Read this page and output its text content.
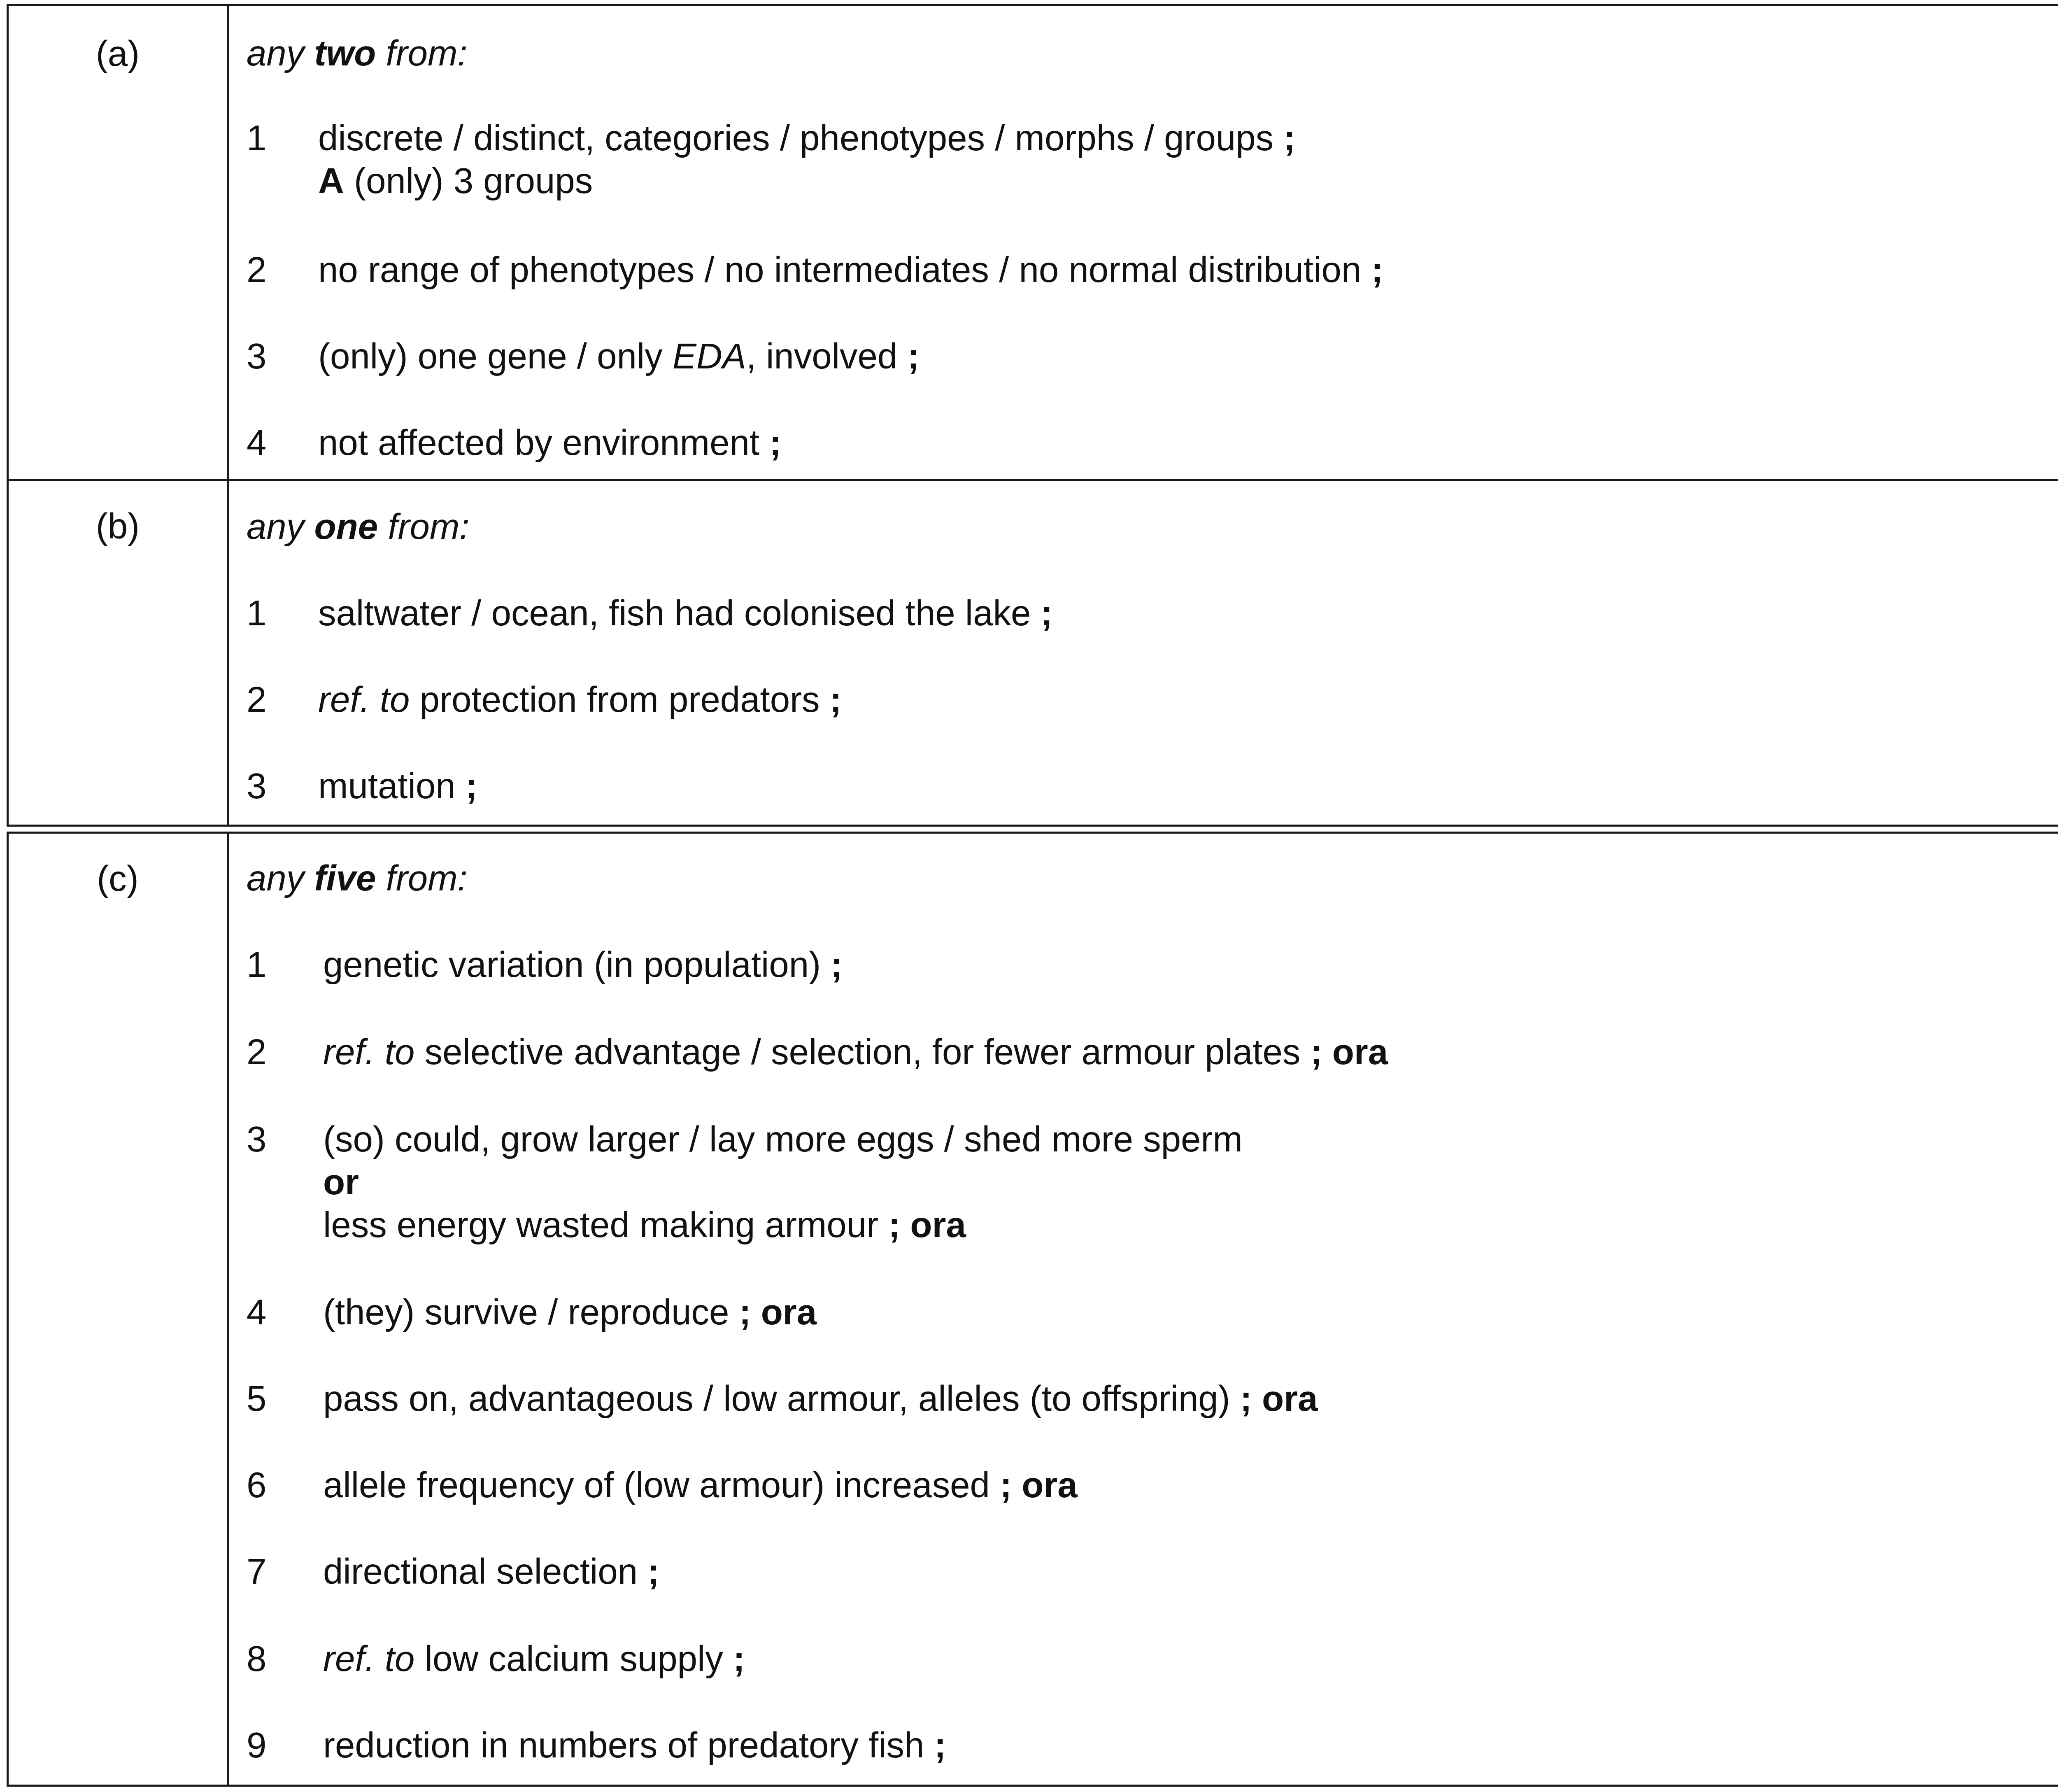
(a)	any two from:
1 discrete / distinct, categories / phenotypes / morphs / groups ;
A (only) 3 groups
2 no range of phenotypes / no intermediates / no normal distribution ;
3 (only) one gene / only EDA, involved ;
4 not affected by environment ;
(b)	any one from:
1 saltwater / ocean, fish had colonised the lake ;
2 ref. to protection from predators ;
3 mutation ;
(c)	any five from:
1 genetic variation (in population) ;
2 ref. to selective advantage / selection, for fewer armour plates ; ora
3 (so) could, grow larger / lay more eggs / shed more sperm
or
less energy wasted making armour ; ora
4 (they) survive / reproduce ; ora
5 pass on, advantageous / low armour, alleles (to offspring) ; ora
6 allele frequency of (low armour) increased ; ora
7 directional selection ;
8 ref. to low calcium supply ;
9 reduction in numbers of predatory fish ;
